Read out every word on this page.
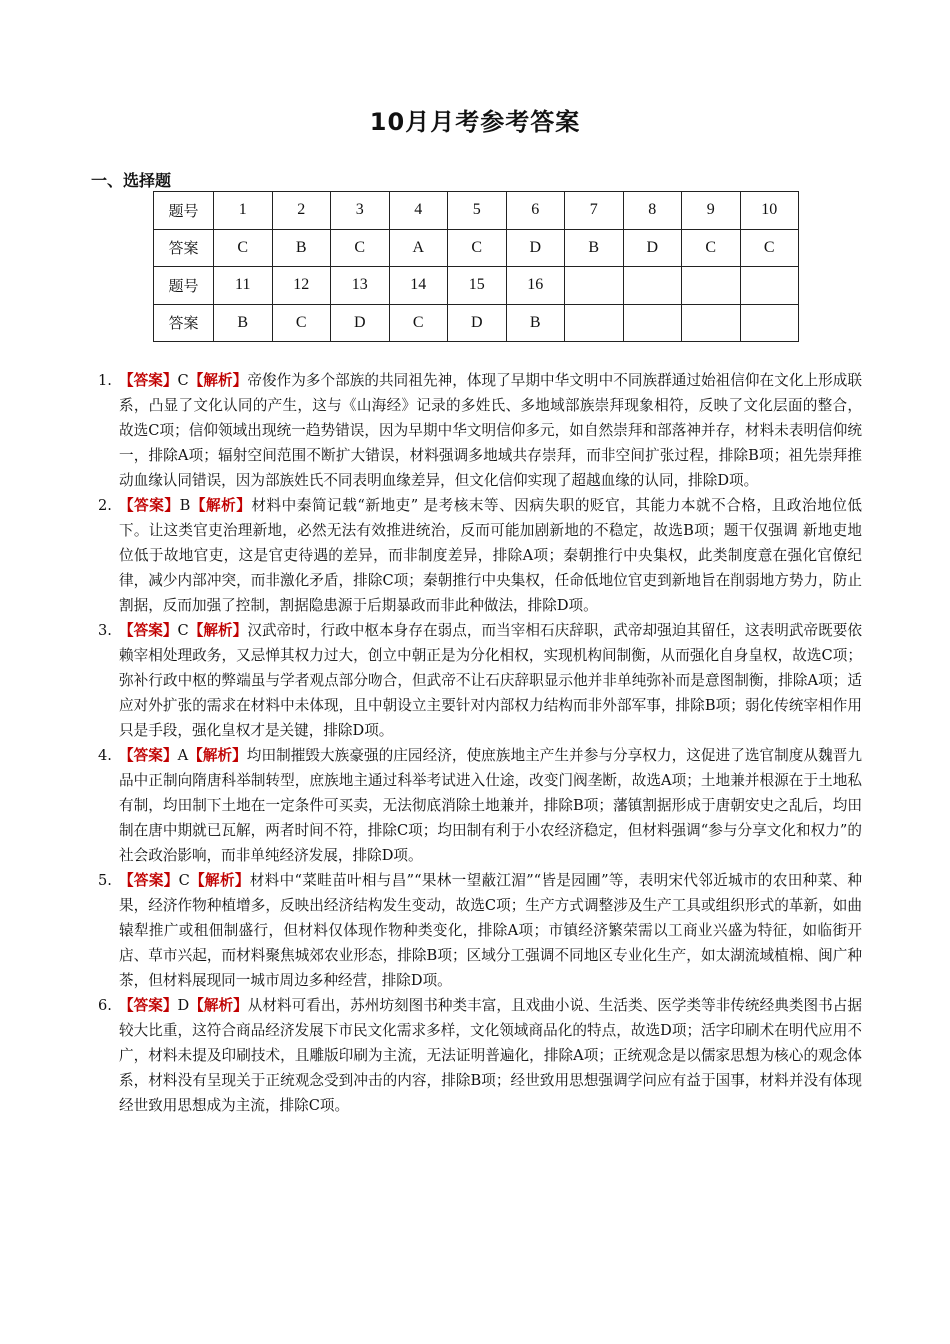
10月月考参考答案
一、选择题
题号	1	2	3	4	5	6	7	8	9	10
答案	C	B	C	A	C	D	B	D	C	C
题号	11	12	13	14	15	16				
答案	B	C	D	C	D	B				
1. 【答案】C【解析】帝俊作为多个部族的共同祖先神，体现了早期中华文明中不同族群通过始祖信仰在文化上形成联系，凸显了文化认同的产生，这与《山海经》记录的多姓氏、多地域部族崇拜现象相符，反映了文化层面的整合，故选C项；信仰领域出现统一趋势错误，因为早期中华文明信仰多元，如自然崇拜和部落神并存，材料未表明信仰统一，排除A项；辐射空间范围不断扩大错误，材料强调多地域共存崇拜，而非空间扩张过程，排除B项；祖先崇拜推动血缘认同错误，因为部族姓氏不同表明血缘差异，但文化信仰实现了超越血缘的认同，排除D项。
2. 【答案】B【解析】材料中秦简记载“新地吏” 是考核末等、因病失职的贬官，其能力本就不合格，且政治地位低下。让这类官吏治理新地，必然无法有效推进统治，反而可能加剧新地的不稳定，故选B项；题干仅强调 新地吏地位低于故地官吏，这是官吏待遇的差异，而非制度差异，排除A项；秦朝推行中央集权，此类制度意在强化官僚纪律，减少内部冲突，而非激化矛盾，排除C项；秦朝推行中央集权，任命低地位官吏到新地旨在削弱地方势力，防止割据，反而加强了控制，割据隐患源于后期暴政而非此种做法，排除D项。
3. 【答案】C【解析】汉武帝时，行政中枢本身存在弱点，而当宰相石庆辞职，武帝却强迫其留任，这表明武帝既要依赖宰相处理政务，又忌惮其权力过大，创立中朝正是为分化相权，实现机构间制衡，从而强化自身皇权，故选C项；弥补行政中枢的弊端虽与学者观点部分吻合，但武帝不让石庆辞职显示他并非单纯弥补而是意图制衡，排除A项；适应对外扩张的需求在材料中未体现，且中朝设立主要针对内部权力结构而非外部军事，排除B项；弱化传统宰相作用只是手段，强化皇权才是关键，排除D项。
4. 【答案】A【解析】均田制摧毁大族豪强的庄园经济，使庶族地主产生并参与分享权力，这促进了选官制度从魏晋九品中正制向隋唐科举制转型，庶族地主通过科举考试进入仕途，改变门阀垄断，故选A项；土地兼并根源在于土地私有制，均田制下土地在一定条件可买卖，无法彻底消除土地兼并，排除B项；藩镇割据形成于唐朝安史之乱后，均田制在唐中期就已瓦解，两者时间不符，排除C项；均田制有利于小农经济稳定，但材料强调“参与分享文化和权力”的社会政治影响，而非单纯经济发展，排除D项。
5. 【答案】C【解析】材料中“菜畦苗叶相与昌”“果林一望蔽江湄”“皆是园圃”等，表明宋代邻近城市的农田种菜、种果，经济作物种植增多，反映出经济结构发生变动，故选C项；生产方式调整涉及生产工具或组织形式的革新，如曲辕犁推广或租佃制盛行，但材料仅体现作物种类变化，排除A项；市镇经济繁荣需以工商业兴盛为特征，如临街开店、草市兴起，而材料聚焦城郊农业形态，排除B项；区域分工强调不同地区专业化生产，如太湖流域植棉、闽广种茶，但材料展现同一城市周边多种经营，排除D项。
6. 【答案】D【解析】从材料可看出，苏州坊刻图书种类丰富，且戏曲小说、生活类、医学类等非传统经典类图书占据较大比重，这符合商品经济发展下市民文化需求多样，文化领域商品化的特点，故选D项；活字印刷术在明代应用不广，材料未提及印刷技术，且雕版印刷为主流，无法证明普遍化，排除A项；正统观念是以儒家思想为核心的观念体系，材料没有呈现关于正统观念受到冲击的内容，排除B项；经世致用思想强调学问应有益于国事，材料并没有体现经世致用思想成为主流，排除C项。
